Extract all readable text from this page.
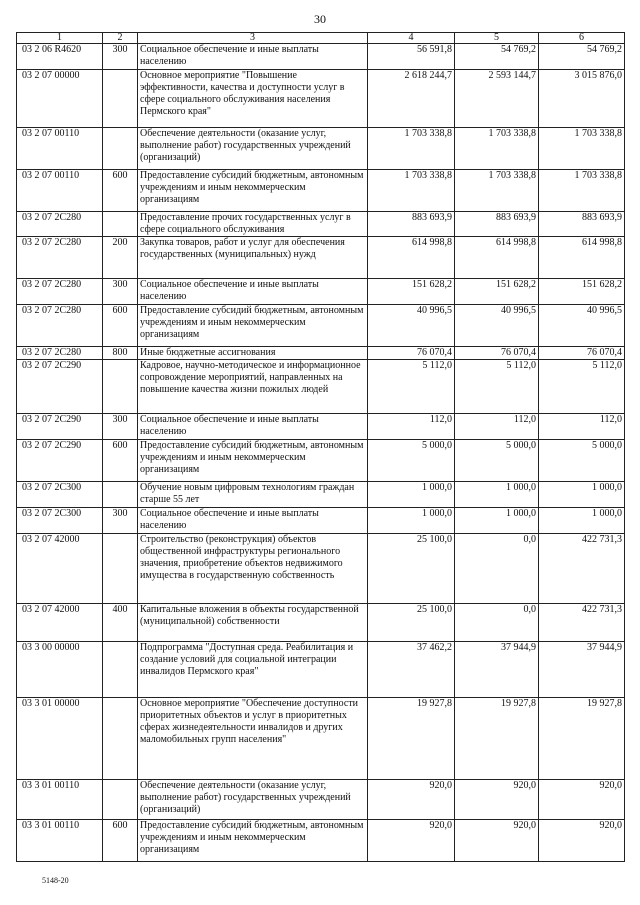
30
1	2	3	4	5	6
03 2 06 R4620	300	Социальное обеспечение и иные выплаты населению	56 591,8	54 769,2	54 769,2
03 2 07 00000		Основное мероприятие "Повышение эффективности, качества и доступности услуг в сфере социального обслуживания населения Пермского края"	2 618 244,7	2 593 144,7	3 015 876,0
03 2 07 00110		Обеспечение деятельности (оказание услуг, выполнение работ) государственных учреждений (организаций)	1 703 338,8	1 703 338,8	1 703 338,8
03 2 07 00110	600	Предоставление субсидий бюджетным, автономным учреждениям и иным некоммерческим организациям	1 703 338,8	1 703 338,8	1 703 338,8
03 2 07 2С280		Предоставление прочих государственных услуг в сфере социального обслуживания	883 693,9	883 693,9	883 693,9
03 2 07 2С280	200	Закупка товаров, работ и услуг для обеспечения государственных (муниципальных) нужд	614 998,8	614 998,8	614 998,8
03 2 07 2С280	300	Социальное обеспечение и иные выплаты населению	151 628,2	151 628,2	151 628,2
03 2 07 2С280	600	Предоставление субсидий бюджетным, автономным учреждениям и иным некоммерческим организациям	40 996,5	40 996,5	40 996,5
03 2 07 2С280	800	Иные бюджетные ассигнования	76 070,4	76 070,4	76 070,4
03 2 07 2С290		Кадровое, научно-методическое и информационное сопровождение мероприятий, направленных на повышение качества жизни пожилых людей	5 112,0	5 112,0	5 112,0
03 2 07 2С290	300	Социальное обеспечение и иные выплаты населению	112,0	112,0	112,0
03 2 07 2С290	600	Предоставление субсидий бюджетным, автономным учреждениям и иным некоммерческим организациям	5 000,0	5 000,0	5 000,0
03 2 07 2С300		Обучение новым цифровым технологиям граждан старше 55 лет	1 000,0	1 000,0	1 000,0
03 2 07 2С300	300	Социальное обеспечение и иные выплаты населению	1 000,0	1 000,0	1 000,0
03 2 07 42000		Строительство (реконструкция) объектов общественной инфраструктуры регионального значения, приобретение объектов недвижимого имущества в государственную собственность	25 100,0	0,0	422 731,3
03 2 07 42000	400	Капитальные вложения в объекты государственной (муниципальной) собственности	25 100,0	0,0	422 731,3
03 3 00 00000		Подпрограмма "Доступная среда. Реабилитация и создание условий для социальной интеграции инвалидов Пермского края"	37 462,2	37 944,9	37 944,9
03 3 01 00000		Основное мероприятие "Обеспечение доступности приоритетных объектов и услуг в приоритетных сферах жизнедеятельности инвалидов и других маломобильных групп населения"	19 927,8	19 927,8	19 927,8
03 3 01 00110		Обеспечение деятельности (оказание услуг, выполнение работ) государственных учреждений (организаций)	920,0	920,0	920,0
03 3 01 00110	600	Предоставление субсидий бюджетным, автономным учреждениям и иным некоммерческим организациям	920,0	920,0	920,0
5148-20
